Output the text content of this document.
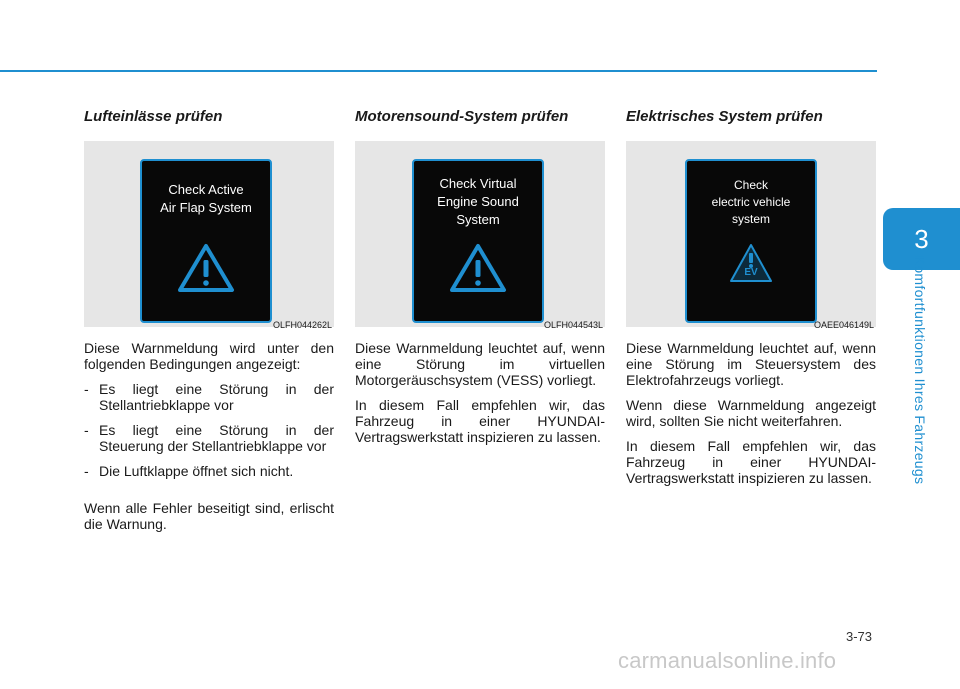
3
Komfortfunktionen Ihres Fahrzeugs
Lufteinlässe prüfen
Check Active
Air Flap System
OLFH044262L

Diese Warnmeldung wird unter den folgenden Bedingungen angezeigt:

- Es liegt eine Störung in der Stellantriebklappe vor
- Es liegt eine Störung in der Steuerung der Stellantriebklappe vor
- Die Luftklappe öffnet sich nicht.

Wenn alle Fehler beseitigt sind, erlischt die Warnung.

Motorensound-System prüfen
Check Virtual
Engine Sound
System
OLFH044543L

Diese Warnmeldung leuchtet auf, wenn eine Störung im virtuellen Motorgeräuschsystem (VESS) vorliegt.

In diesem Fall empfehlen wir, das Fahrzeug in einer HYUNDAI-Vertragswerkstatt inspizieren zu lassen.

Elektrisches System prüfen
Check
electric vehicle
system
EV
OAEE046149L

Diese Warnmeldung leuchtet auf, wenn eine Störung im Steuersystem des Elektrofahrzeugs vorliegt.

Wenn diese Warnmeldung angezeigt wird, sollten Sie nicht weiterfahren.

In diesem Fall empfehlen wir, das Fahrzeug in einer HYUNDAI-Vertragswerkstatt inspizieren zu lassen.

3-73
carmanualsonline.info
